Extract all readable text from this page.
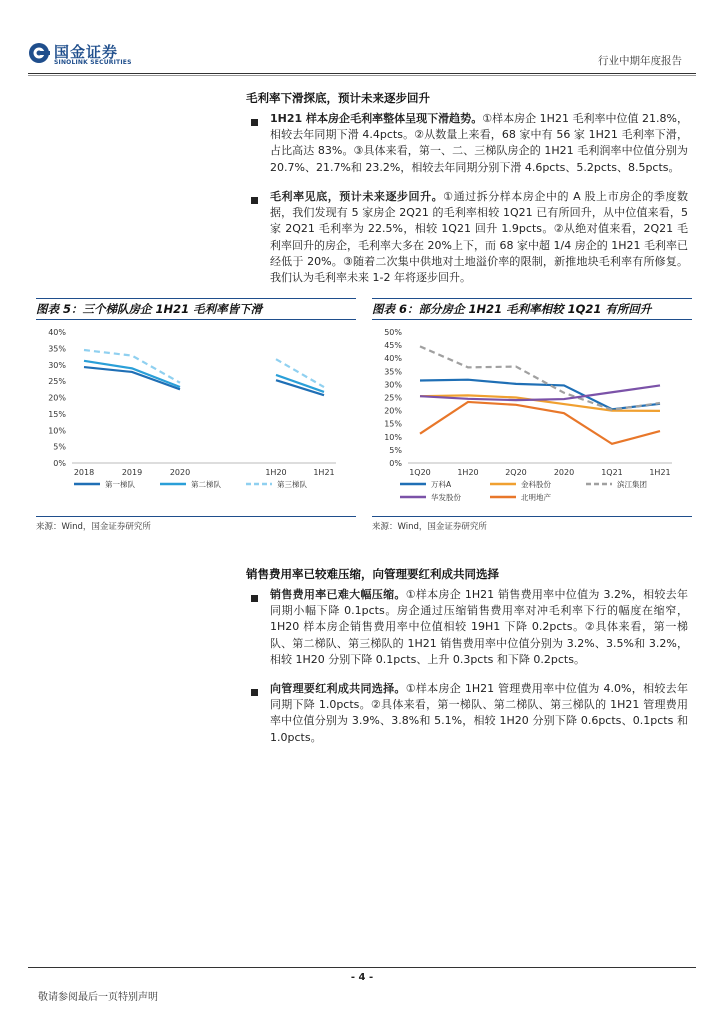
国金证券
SINOLINK SECURITIES	行业中期年度报告
毛利率下滑探底，预计未来逐步回升
1H21 样本房企毛利率整体呈现下滑趋势。①样本房企 1H21 毛利率中位值 21.8%，相较去年同期下滑 4.4pcts。②从数量上来看，68 家中有 56 家 1H21 毛利率下滑，占比高达 83%。③具体来看，第一、二、三梯队房企的 1H21 毛利润率中位值分别为 20.7%、21.7%和 23.2%，相较去年同期分别下滑 4.6pcts、5.2pcts、8.5pcts。
毛利率见底，预计未来逐步回升。①通过拆分样本房企中的 A 股上市房企的季度数据，我们发现有 5 家房企 2Q21 的毛利率相较 1Q21 已有所回升，从中位值来看，5 家 2Q21 毛利率为 22.5%，相较 1Q21 回升 1.9pcts。②从绝对值来看，2Q21 毛利率回升的房企，毛利率大多在 20%上下，而 68 家中超 1/4 房企的 1H21 毛利率已经低于 20%。③随着二次集中供地对土地溢价率的限制，新推地块毛利率有所修复。我们认为毛利率未来 1-2 年将逐步回升。
图表 5：三个梯队房企 1H21 毛利率皆下滑
0%
5%
10%
15%
20%
25%
30%
35%
40%
2018	2019	2020	1H20	1H21
第一梯队	第二梯队	第三梯队
来源：Wind，国金证券研究所
图表 6：部分房企 1H21 毛利率相较 1Q21 有所回升
0%
5%
10%
15%
20%
25%
30%
35%
40%
45%
50%
1Q20	1H20	2Q20	2020	1Q21	1H21
万科A	金科股份	滨江集团
华发股份	北明地产
来源：Wind，国金证券研究所
销售费用率已较难压缩，向管理要红利成共同选择
销售费用率已难大幅压缩。①样本房企 1H21 销售费用率中位值为 3.2%，相较去年同期小幅下降 0.1pcts。房企通过压缩销售费用率对冲毛利率下行的幅度在缩窄，1H20 样本房企销售费用率中位值相较 19H1 下降 0.2pcts。②具体来看，第一梯队、第二梯队、第三梯队的 1H21 销售费用率中位值分别为 3.2%、3.5%和 3.2%，相较 1H20 分别下降 0.1pcts、上升 0.3pcts 和下降 0.2pcts。
向管理要红利成共同选择。①样本房企 1H21 管理费用率中位值为 4.0%，相较去年同期下降 1.0pcts。②具体来看，第一梯队、第二梯队、第三梯队的 1H21 管理费用率中位值分别为 3.9%、3.8%和 5.1%，相较 1H20 分别下降 0.6pcts、0.1pcts 和 1.0pcts。
- 4 -
敬请参阅最后一页特别声明
